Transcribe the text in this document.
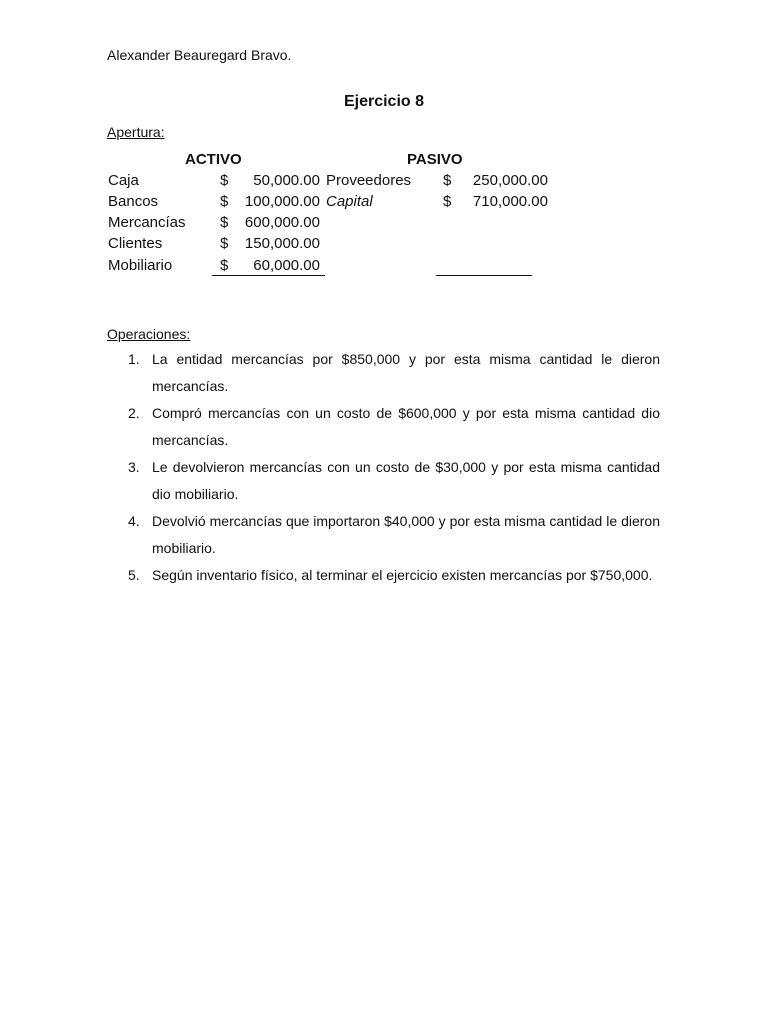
Alexander Beauregard Bravo.
Ejercicio 8
Apertura:
ACTIVO	PASIVO
Caja	$	50,000.00 Proveedores $	250,000.00
Bancos	$	100,000.00 Capital	$	710,000.00
Mercancías $	600,000.00
Clientes	$	150,000.00
Mobiliario	$	60,000.00
Operaciones:
1. La entidad mercancías por $850,000 y por esta misma cantidad le dieron mercancías.
2. Compró mercancías con un costo de $600,000 y por esta misma cantidad dio mercancías.
3. Le devolvieron mercancías con un costo de $30,000 y por esta misma cantidad dio mobiliario.
4. Devolvió mercancías que importaron $40,000 y por esta misma cantidad le dieron mobiliario.
5. Según inventario físico, al terminar el ejercicio existen mercancías por $750,000.
